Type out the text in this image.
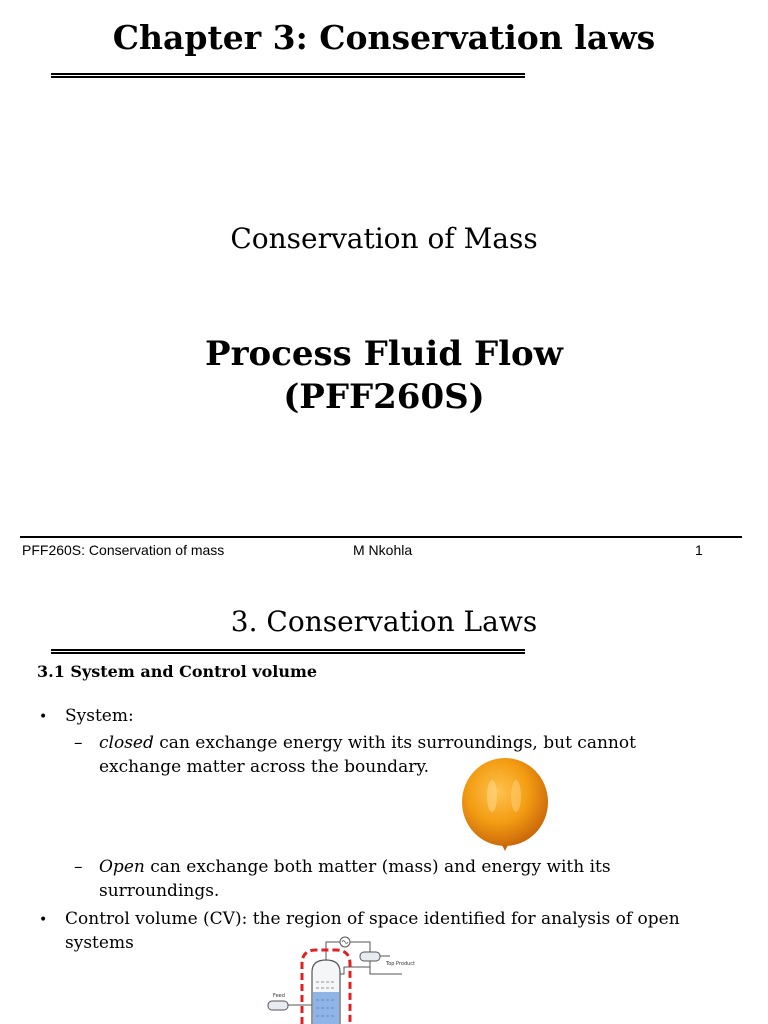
Chapter 3: Conservation laws
Conservation of Mass
Process Fluid Flow
(PFF260S)
PFF260S: Conservation of mass	M Nkohla	1
3. Conservation Laws
3.1 System and Control volume
• System:
– closed can exchange energy with its surroundings, but cannot
exchange matter across the boundary.
– Open can exchange both matter (mass) and energy with its
surroundings.
• Control volume (CV): the region of space identified for analysis of open
systems
Top Product
Feed
